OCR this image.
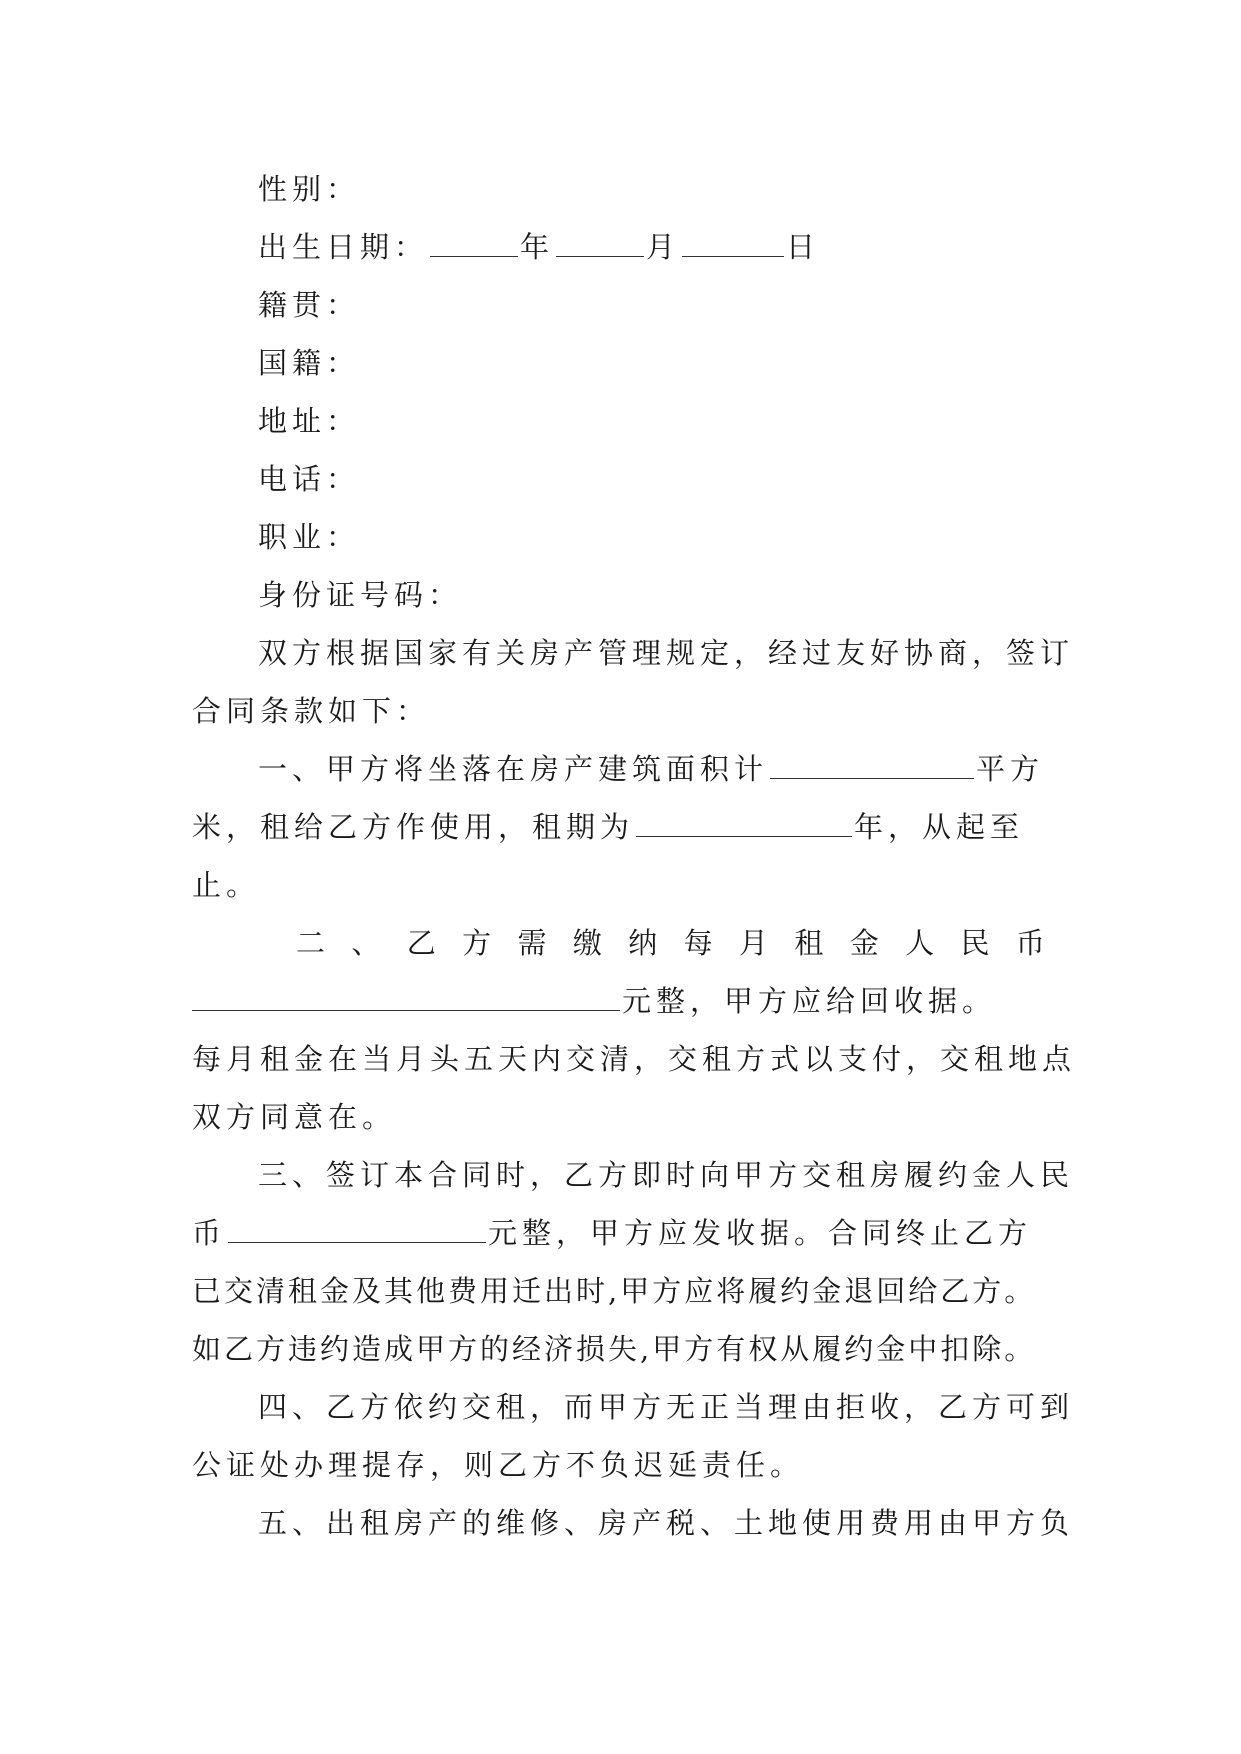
性别：
出生日期：	年	月	日
籍贯：
国籍：
地址：
电话：
职业：
身份证号码：
双方根据国家有关房产管理规定，经过友好协商，签订
合同条款如下：
一、甲方将坐落在房产建筑面积计	平方
米，租给乙方作使用，租期为	年，从起至
止。
二 、 乙 方 需 缴 纳 每 月 租 金 人 民 币
元整，甲方应给回收据。
每月租金在当月头五天内交清，交租方式以支付，交租地点
双方同意在。
三、签订本合同时，乙方即时向甲方交租房履约金人民
币	元整，甲方应发收据。合同终止乙方
已交清租金及其他费用迁出时,甲方应将履约金退回给乙方。
如乙方违约造成甲方的经济损失,甲方有权从履约金中扣除。
四、乙方依约交租，而甲方无正当理由拒收，乙方可到
公证处办理提存，则乙方不负迟延责任。
五、出租房产的维修、房产税、土地使用费用由甲方负
